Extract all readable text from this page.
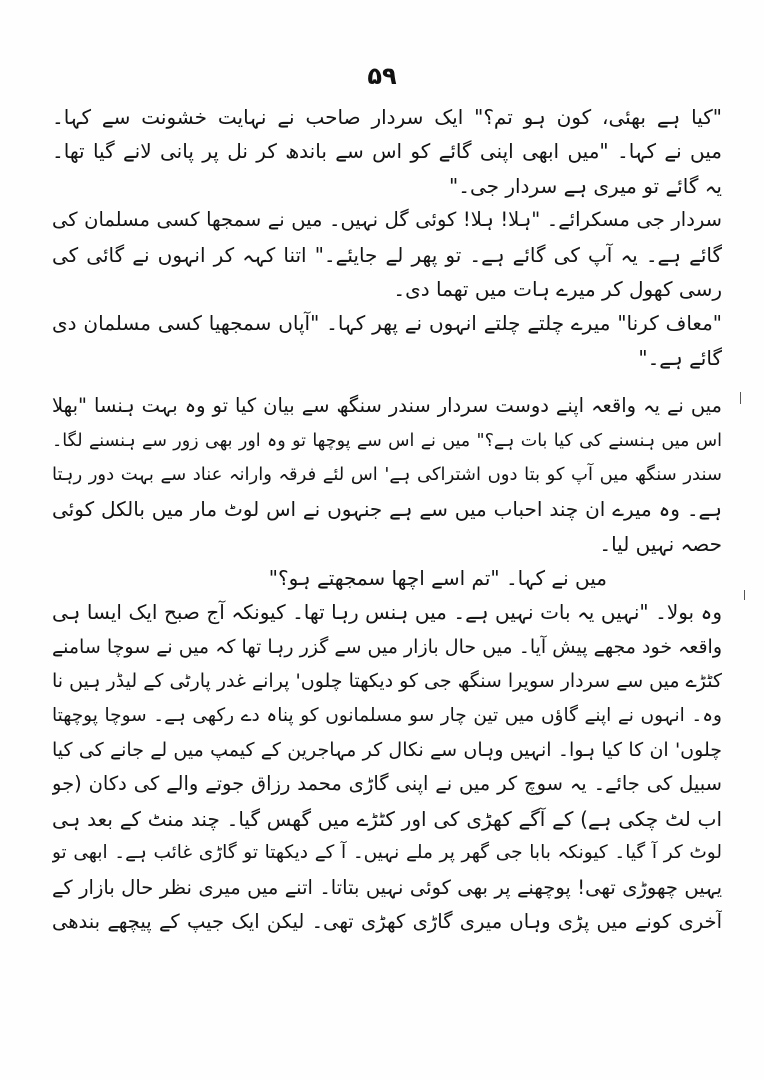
۵۹
"کیا ہے بھئی، کون ہو تم؟" ایک سردار صاحب نے نہایت خشونت سے کہا۔
میں نے کہا۔ "میں ابھی اپنی گائے کو اس سے باندھ کر نل پر پانی لانے گیا تھا۔
یہ گائے تو میری ہے سردار جی۔"
سردار جی مسکرائے۔ "ہلا! ہلا! کوئی گل نہیں۔ میں نے سمجھا کسی مسلمان کی
گائے ہے۔ یہ آپ کی گائے ہے۔ تو پھر لے جایئے۔" اتنا کہہ کر انہوں نے گائی کی
رسی کھول کر میرے ہات میں تھما دی۔
"معاف کرنا" میرے چلتے چلتے انہوں نے پھر کہا۔ "آپاں سمجھیا کسی مسلمان دی
گائے ہے۔"
میں نے یہ واقعہ اپنے دوست سردار سندر سنگھ سے بیان کیا تو وہ بہت ہنسا "بھلا
اس میں ہنسنے کی کیا بات ہے؟" میں نے اس سے پوچھا تو وہ اور بھی زور سے ہنسنے لگا۔
سندر سنگھ میں آپ کو بتا دوں اشتراکی ہے' اس لئے فرقہ وارانہ عناد سے بہت دور رہتا
ہے۔ وہ میرے ان چند احباب میں سے ہے جنہوں نے اس لوٹ مار میں بالکل کوئی
حصہ نہیں لیا۔
میں نے کہا۔ "تم اسے اچھا سمجھتے ہو؟"
وہ بولا۔ "نہیں یہ بات نہیں ہے۔ میں ہنس رہا تھا۔ کیونکہ آج صبح ایک ایسا ہی
واقعہ خود مجھے پیش آیا۔ میں حال بازار میں سے گزر رہا تھا کہ میں نے سوچا سامنے
کٹڑے میں سے سردار سویرا سنگھ جی کو دیکھتا چلوں' پرانے غدر پارٹی کے لیڈر ہیں نا
وہ۔ انہوں نے اپنے گاؤں میں تین چار سو مسلمانوں کو پناہ دے رکھی ہے۔ سوچا پوچھتا
چلوں' ان کا کیا ہوا۔ انہیں وہاں سے نکال کر مہاجرین کے کیمپ میں لے جانے کی کیا
سبیل کی جائے۔ یہ سوچ کر میں نے اپنی گاڑی محمد رزاق جوتے والے کی دکان (جو
اب لٹ چکی ہے) کے آگے کھڑی کی اور کٹڑے میں گھس گیا۔ چند منٹ کے بعد ہی
لوٹ کر آ گیا۔ کیونکہ بابا جی گھر پر ملے نہیں۔ آ کے دیکھتا تو گاڑی غائب ہے۔ ابھی تو
یہیں چھوڑی تھی! پوچھنے پر بھی کوئی نہیں بتاتا۔ اتنے میں میری نظر حال بازار کے
آخری کونے میں پڑی وہاں میری گاڑی کھڑی تھی۔ لیکن ایک جیپ کے پیچھے بندھی
